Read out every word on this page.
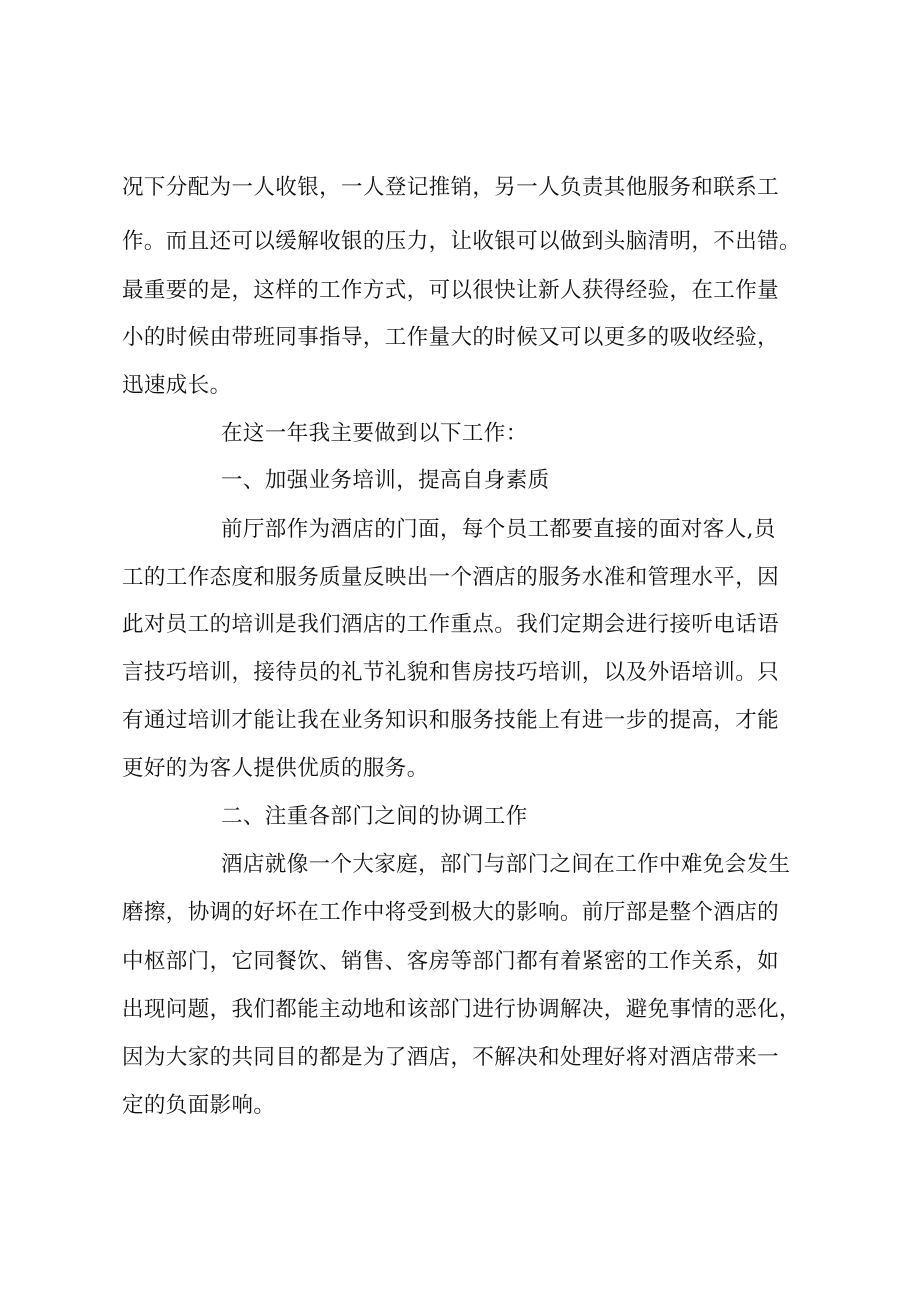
况下分配为一人收银，一人登记推销，另一人负责其他服务和联系工
作。而且还可以缓解收银的压力，让收银可以做到头脑清明，不出错。
最重要的是，这样的工作方式，可以很快让新人获得经验，在工作量
小的时候由带班同事指导，工作量大的时候又可以更多的吸收经验，
迅速成长。
在这一年我主要做到以下工作：
一、加强业务培训，提高自身素质
前厅部作为酒店的门面，每个员工都要直接的面对客人,员
工的工作态度和服务质量反映出一个酒店的服务水准和管理水平，因
此对员工的培训是我们酒店的工作重点。我们定期会进行接听电话语
言技巧培训，接待员的礼节礼貌和售房技巧培训，以及外语培训。只
有通过培训才能让我在业务知识和服务技能上有进一步的提高，才能
更好的为客人提供优质的服务。
二、注重各部门之间的协调工作
酒店就像一个大家庭，部门与部门之间在工作中难免会发生
磨擦，协调的好坏在工作中将受到极大的影响。前厅部是整个酒店的
中枢部门，它同餐饮、销售、客房等部门都有着紧密的工作关系，如
出现问题，我们都能主动地和该部门进行协调解决，避免事情的恶化，
因为大家的共同目的都是为了酒店，不解决和处理好将对酒店带来一
定的负面影响。
